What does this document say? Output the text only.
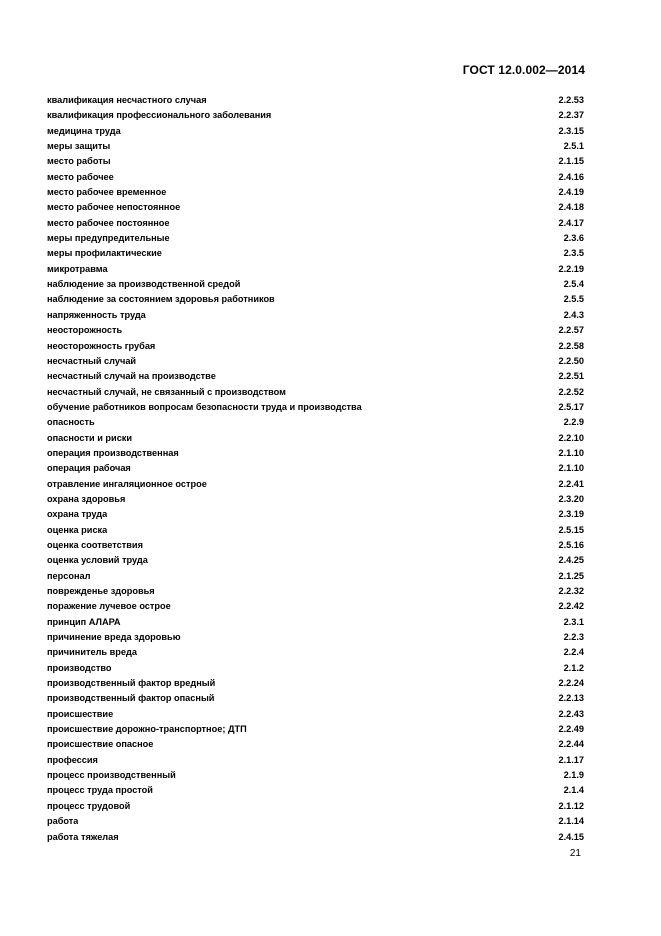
ГОСТ 12.0.002—2014
квалификация несчастного случая	2.2.53
квалификация профессионального заболевания	2.2.37
медицина труда	2.3.15
меры защиты	2.5.1
место работы	2.1.15
место рабочее	2.4.16
место рабочее временное	2.4.19
место рабочее непостоянное	2.4.18
место рабочее постоянное	2.4.17
меры предупредительные	2.3.6
меры профилактические	2.3.5
микротравма	2.2.19
наблюдение за производственной средой	2.5.4
наблюдение за состоянием здоровья работников	2.5.5
напряженность труда	2.4.3
неосторожность	2.2.57
неосторожность грубая	2.2.58
несчастный случай	2.2.50
несчастный случай на производстве	2.2.51
несчастный случай, не связанный с производством	2.2.52
обучение работников вопросам безопасности труда и производства	2.5.17
опасность	2.2.9
опасности и риски	2.2.10
операция производственная	2.1.10
операция рабочая	2.1.10
отравление ингаляционное острое	2.2.41
охрана здоровья	2.3.20
охрана труда	2.3.19
оценка риска	2.5.15
оценка соответствия	2.5.16
оценка условий труда	2.4.25
персонал	2.1.25
поврежденье здоровья	2.2.32
поражение лучевое острое	2.2.42
принцип АЛАРА	2.3.1
причинение вреда здоровью	2.2.3
причинитель вреда	2.2.4
производство	2.1.2
производственный фактор вредный	2.2.24
производственный фактор опасный	2.2.13
происшествие	2.2.43
происшествие дорожно-транспортное; ДТП	2.2.49
происшествие опасное	2.2.44
профессия	2.1.17
процесс производственный	2.1.9
процесс труда простой	2.1.4
процесс трудовой	2.1.12
работа	2.1.14
работа тяжелая	2.4.15
21
